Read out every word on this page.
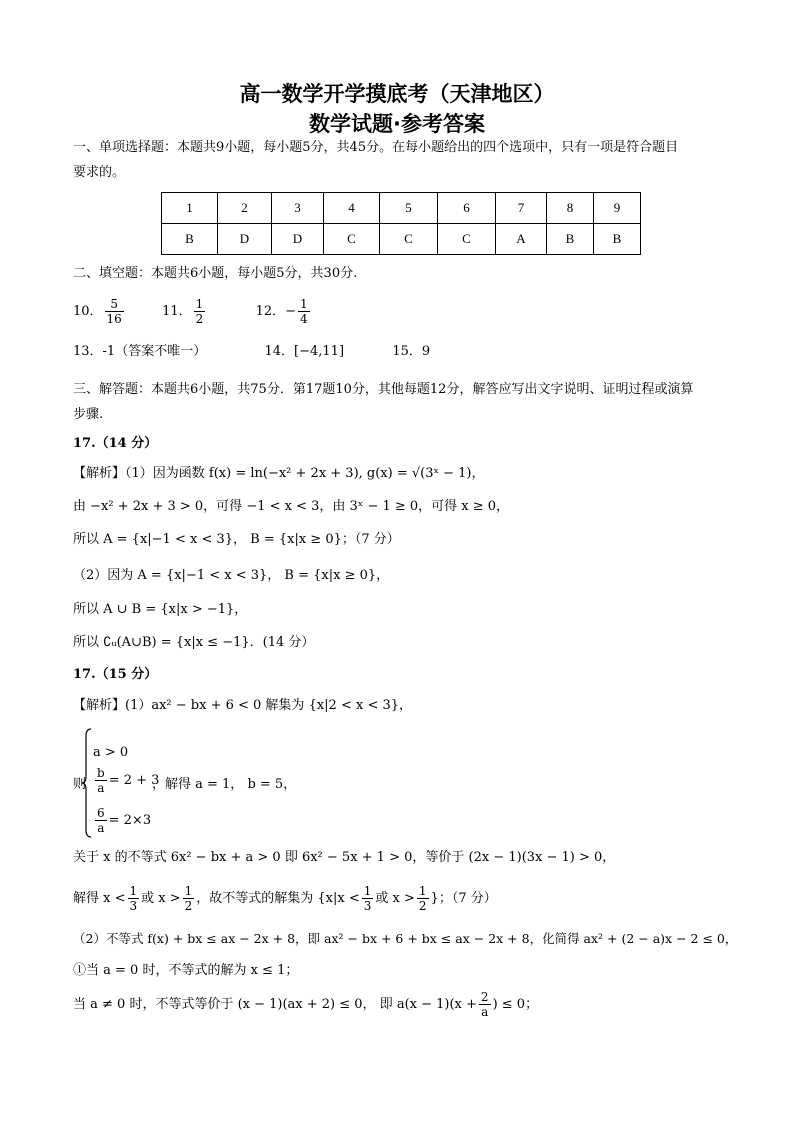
高一数学开学摸底考（天津地区）
数学试题·参考答案
一、单项选择题：本题共9小题，每小题5分，共45分。在每小题给出的四个选项中，只有一项是符合题目
要求的。
1	2	3	4	5	6	7	8	9
B	D	D	C	C	C	A	B	B
二、填空题：本题共6小题，每小题5分，共30分.
10． $\frac{5}{16}$	11． $\frac{1}{2}$	12．− $\frac{1}{4}$
13．-1（答案不唯一）	14．[−4,11]	15．9
三、解答题：本题共6小题，共75分．第17题10分，其他每题12分，解答应写出文字说明、证明过程或演算
步骤.
17.（14 分）
【解析】（1）因为函数 f(x) = ln(−x² + 2x + 3), g(x) = √(3ˣ − 1)，
由 −x² + 2x + 3 > 0，可得 −1 < x < 3，由 3ˣ − 1 ≥ 0，可得 x ≥ 0，
所以 A = {x|−1 < x < 3}， B = {x|x ≥ 0}；（7 分）
（2）因为 A = {x|−1 < x < 3}， B = {x|x ≥ 0}，
所以 A ∪ B = {x|x > −1}，
所以 ∁ᵤ(A∪B) = {x|x ≤ −1}．(14 分）
17.（15 分）
【解析】(1）ax² − bx + 6 < 0 解集为 {x|2 < x < 3}，
a > 0
$\frac{b}{a} = 2 + 3$
$\frac{6}{a} = 2\times 3$
则	，解得 a = 1， b = 5，
关于 x 的不等式 6x² − bx + a > 0 即 6x² − 5x + 1 > 0，等价于 (2x − 1)(3x − 1) > 0，
解得 $x < \frac{1}{3}$ 或 $x > \frac{1}{2}$ ，故不等式的解集为 {$x|x < \frac{1}{3}$ 或 $x > \frac{1}{2}$ }；（7 分）
（2）不等式 f(x) + bx ≤ ax − 2x + 8，即 ax² − bx + 6 + bx ≤ ax − 2x + 8，化简得 ax² + (2 − a)x − 2 ≤ 0，
①当 a = 0 时，不等式的解为 x ≤ 1；
当 a ≠ 0 时，不等式等价于 (x − 1)(ax + 2) ≤ 0， 即 $a(x - 1)(x + \frac{2}{a}$ ) ≤ 0；
